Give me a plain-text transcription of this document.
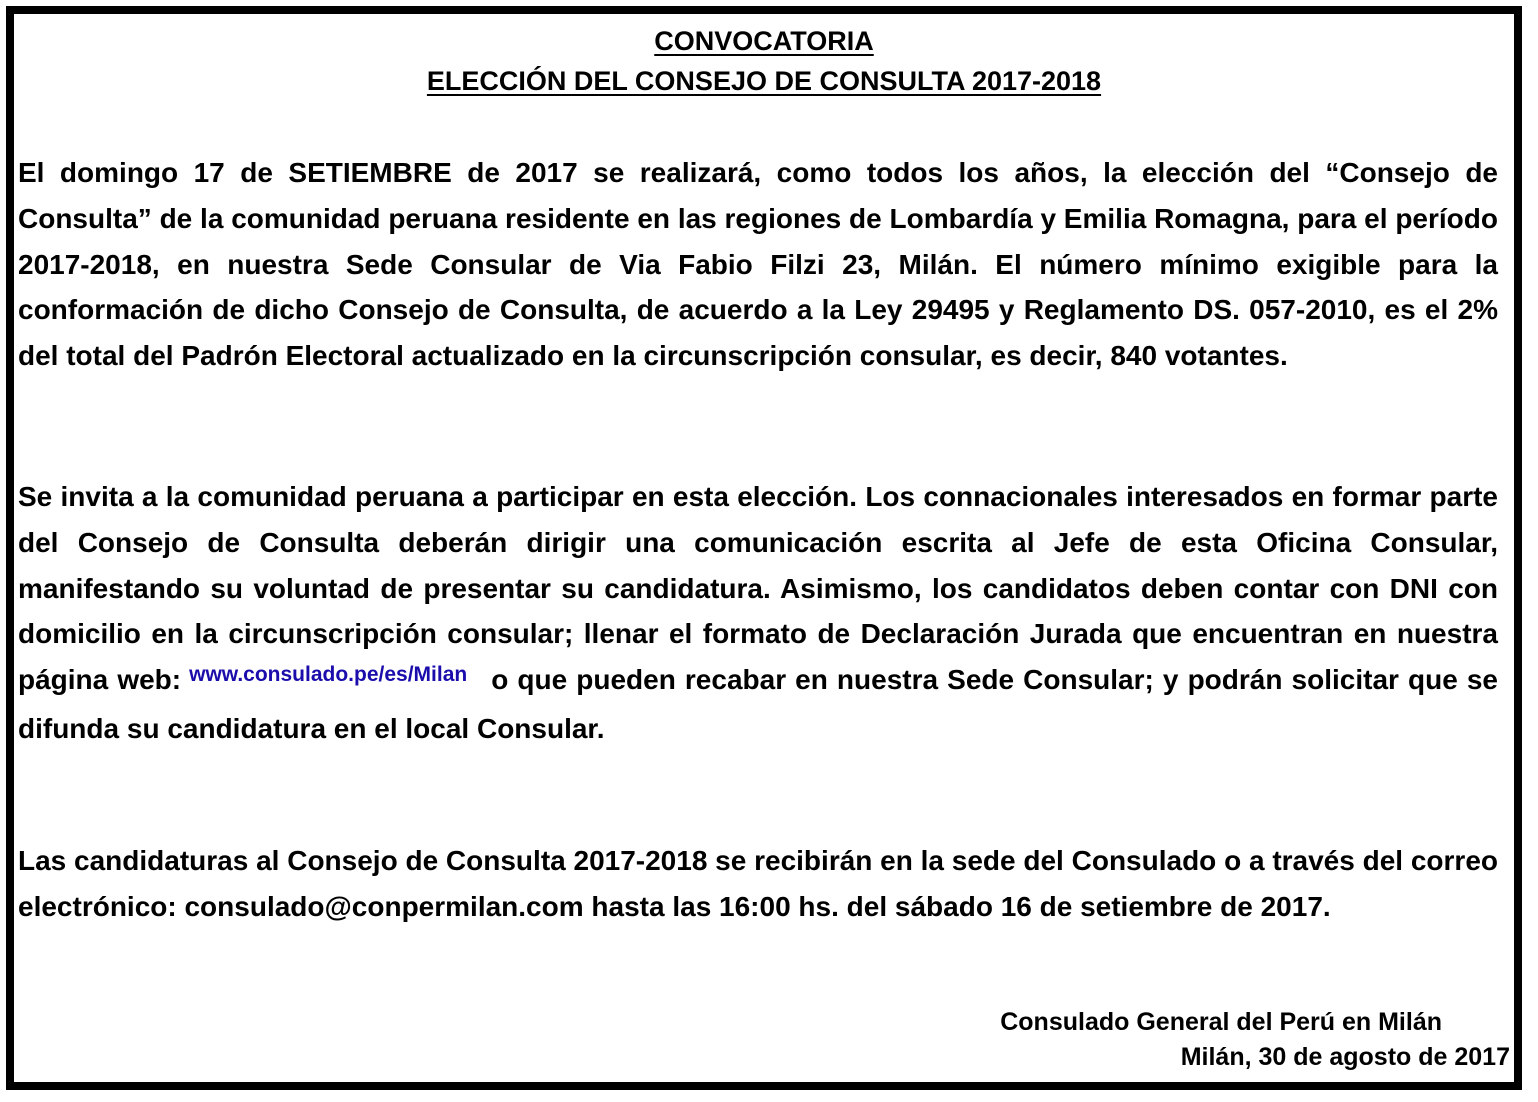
CONVOCATORIA
ELECCIÓN DEL CONSEJO DE CONSULTA 2017-2018

El domingo 17 de SETIEMBRE de 2017 se realizará, como todos los años, la elección del “Consejo de Consulta” de la comunidad peruana residente en las regiones de Lombardía y Emilia Romagna, para el período 2017-2018, en nuestra Sede Consular de Via Fabio Filzi 23, Milán. El número mínimo exigible para la conformación de dicho Consejo de Consulta, de acuerdo a la Ley 29495 y Reglamento DS. 057-2010, es el 2% del total del Padrón Electoral actualizado en la circunscripción consular, es decir, 840 votantes.

Se invita a la comunidad peruana a participar en esta elección. Los connacionales interesados en formar parte del Consejo de Consulta deberán dirigir una comunicación escrita al Jefe de esta Oficina Consular, manifestando su voluntad de presentar su candidatura. Asimismo, los candidatos deben contar con DNI con domicilio en la circunscripción consular; llenar el formato de Declaración Jurada que encuentran en nuestra página web: $^{www.consulado.pe/es/Milan}$ o que pueden recabar en nuestra Sede Consular; y podrán solicitar que se difunda su candidatura en el local Consular.

Las candidaturas al Consejo de Consulta 2017-2018 se recibirán en la sede del Consulado o a través del correo electrónico: consulado@conpermilan.com hasta las 16:00 hs. del sábado 16 de setiembre de 2017.

Consulado General del Perú en Milán

Milán, 30 de agosto de 2017
